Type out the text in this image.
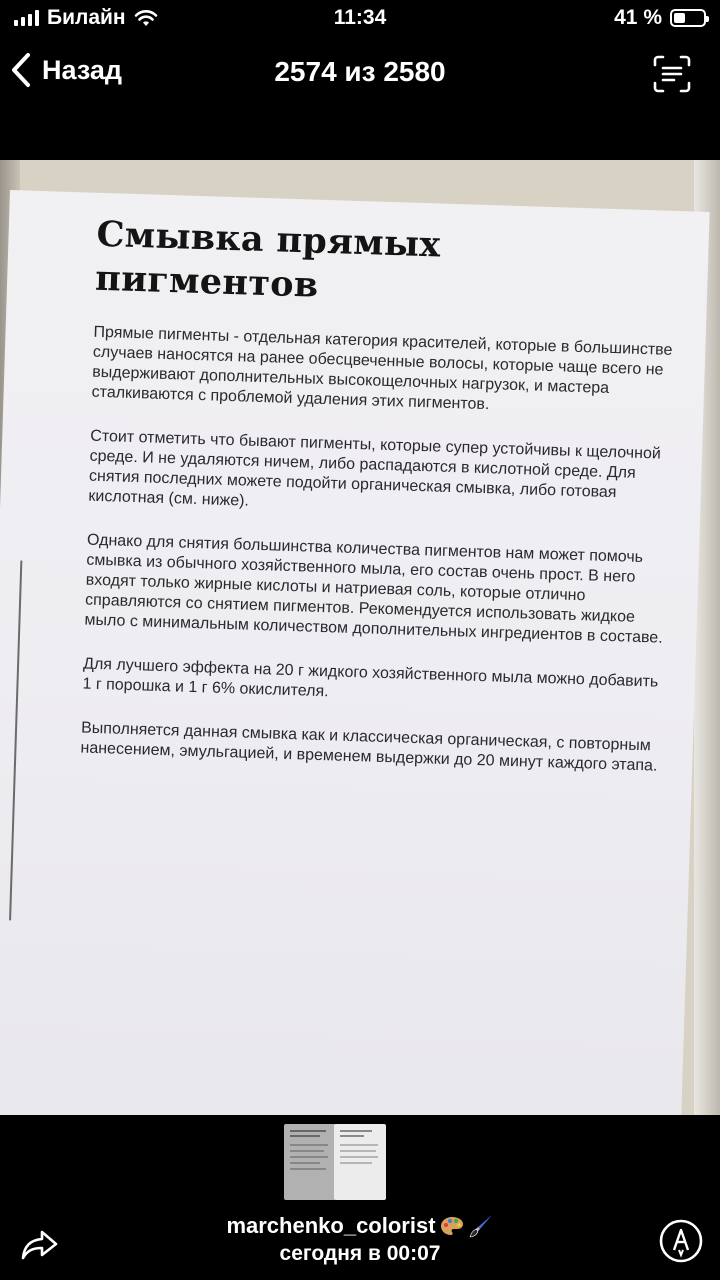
Билайн	11:34	41 %
Назад	2574 из 2580
Смывка прямых
пигментов

Прямые пигменты - отдельная категория красителей, которые в большинстве случаев наносятся на ранее обесцвеченные волосы, которые чаще всего не выдерживают дополнительных высокощелочных нагрузок, и мастера сталкиваются с проблемой удаления этих пигментов.

Стоит отметить что бывают пигменты, которые супер устойчивы к щелочной среде. И не удаляются ничем, либо распадаются в кислотной среде. Для снятия последних можете подойти органическая смывка, либо готовая кислотная (см. ниже).

Однако для снятия большинства количества пигментов нам может помочь смывка из обычного хозяйственного мыла, его состав очень прост. В него входят только жирные кислоты и натриевая соль, которые отлично справляются со снятием пигментов. Рекомендуется использовать жидкое мыло с минимальным количеством дополнительных ингредиентов в составе.

Для лучшего эффекта на 20 г жидкого хозяйственного мыла можно добавить 1 г порошка и 1 г 6% окислителя.

Выполняется данная смывка как и классическая органическая, с повторным нанесением, эмульгацией, и временем выдержки до 20 минут каждого этапа.

marchenko_colorist
сегодня в 00:07
